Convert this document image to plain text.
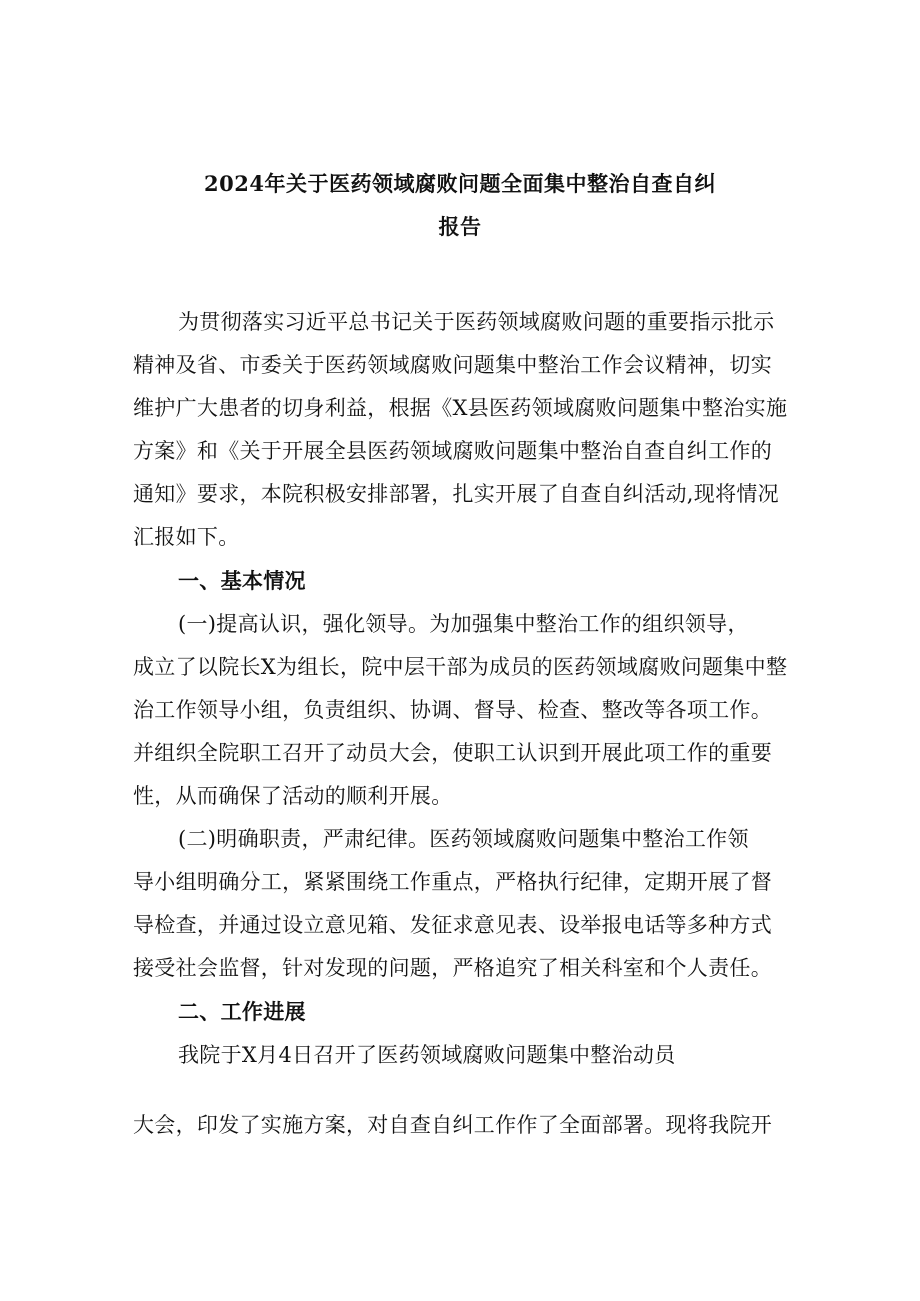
2024年关于医药领域腐败问题全面集中整治自查自纠
报告
为贯彻落实习近平总书记关于医药领域腐败问题的重要指示批示
精神及省、市委关于医药领域腐败问题集中整治工作会议精神，切实
维护广大患者的切身利益，根据《X县医药领域腐败问题集中整治实施
方案》和《关于开展全县医药领域腐败问题集中整治自查自纠工作的
通知》要求，本院积极安排部署，扎实开展了自查自纠活动,现将情况
汇报如下。
一、基本情况
(一)提高认识，强化领导。为加强集中整治工作的组织领导，
成立了以院长X为组长，院中层干部为成员的医药领域腐败问题集中整
治工作领导小组，负责组织、协调、督导、检查、整改等各项工作。
并组织全院职工召开了动员大会，使职工认识到开展此项工作的重要
性，从而确保了活动的顺利开展。
(二)明确职责，严肃纪律。医药领域腐败问题集中整治工作领
导小组明确分工，紧紧围绕工作重点，严格执行纪律，定期开展了督
导检查，并通过设立意见箱、发征求意见表、设举报电话等多种方式
接受社会监督，针对发现的问题，严格追究了相关科室和个人责任。
二、工作进展
我院于X月4日召开了医药领域腐败问题集中整治动员
大会，印发了实施方案，对自查自纠工作作了全面部署。现将我院开
